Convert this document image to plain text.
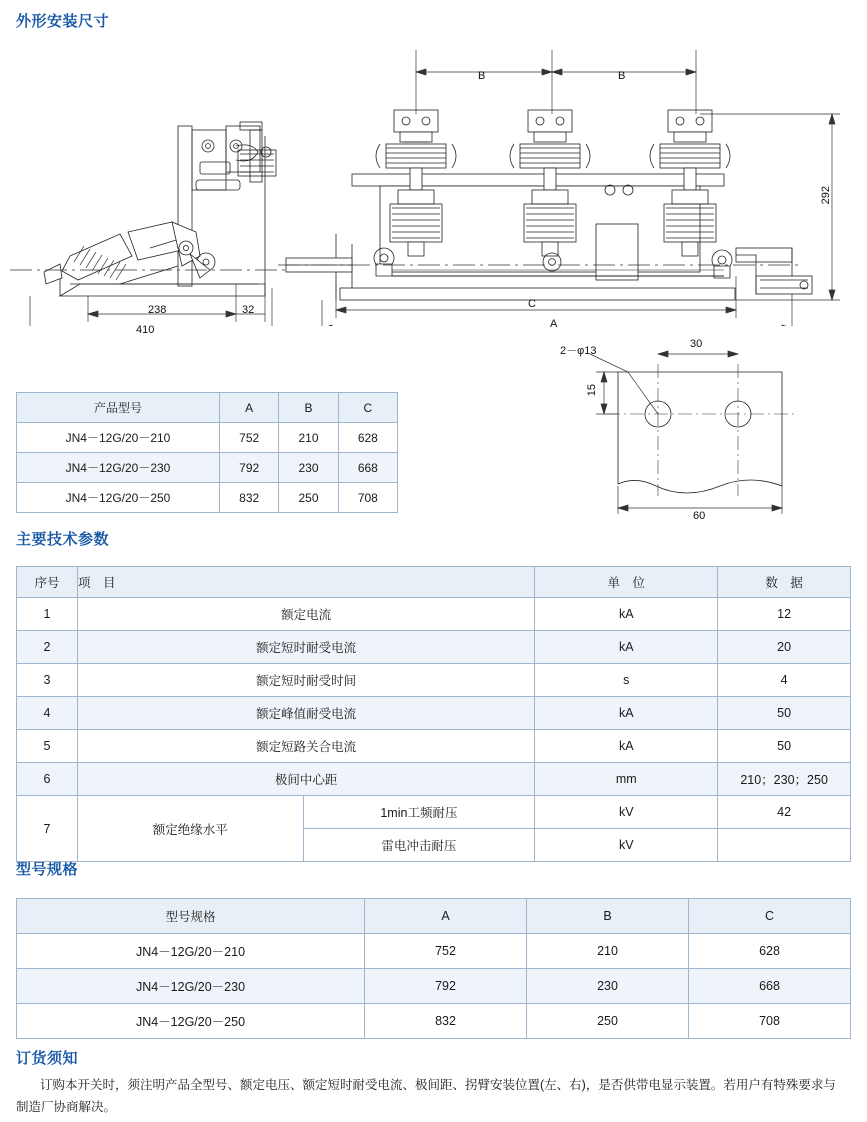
外形安装尺寸
主要技术参数
型号规格
订货须知
B	B
292
238	32
410
C
A
2－φ13
30
15
60
产品型号	A	B	C
JN4－12G/20－210	752	210	628
JN4－12G/20－230	792	230	668
JN4－12G/20－250	832	250	708
序号	项　目		单　位	数　据
1	额定电流		kA	12
2	额定短时耐受电流		kA	20
3	额定短时耐受时间		s	4
4	额定峰值耐受电流		kA	50
5	额定短路关合电流		kA	50
6	极间中心距		mm	210；230；250
7	额定绝缘水平	1min工频耐压	kV	42
		雷电冲击耐压	kV	
型号规格	A	B	C
JN4－12G/20－210	752	210	628
JN4－12G/20－230	792	230	668
JN4－12G/20－250	832	250	708
订购本开关时，须注明产品全型号、额定电压、额定短时耐受电流、极间距、拐臂安装位置(左、右)，是否供带电显示装置。若用户有特殊要求与制造厂协商解决。
